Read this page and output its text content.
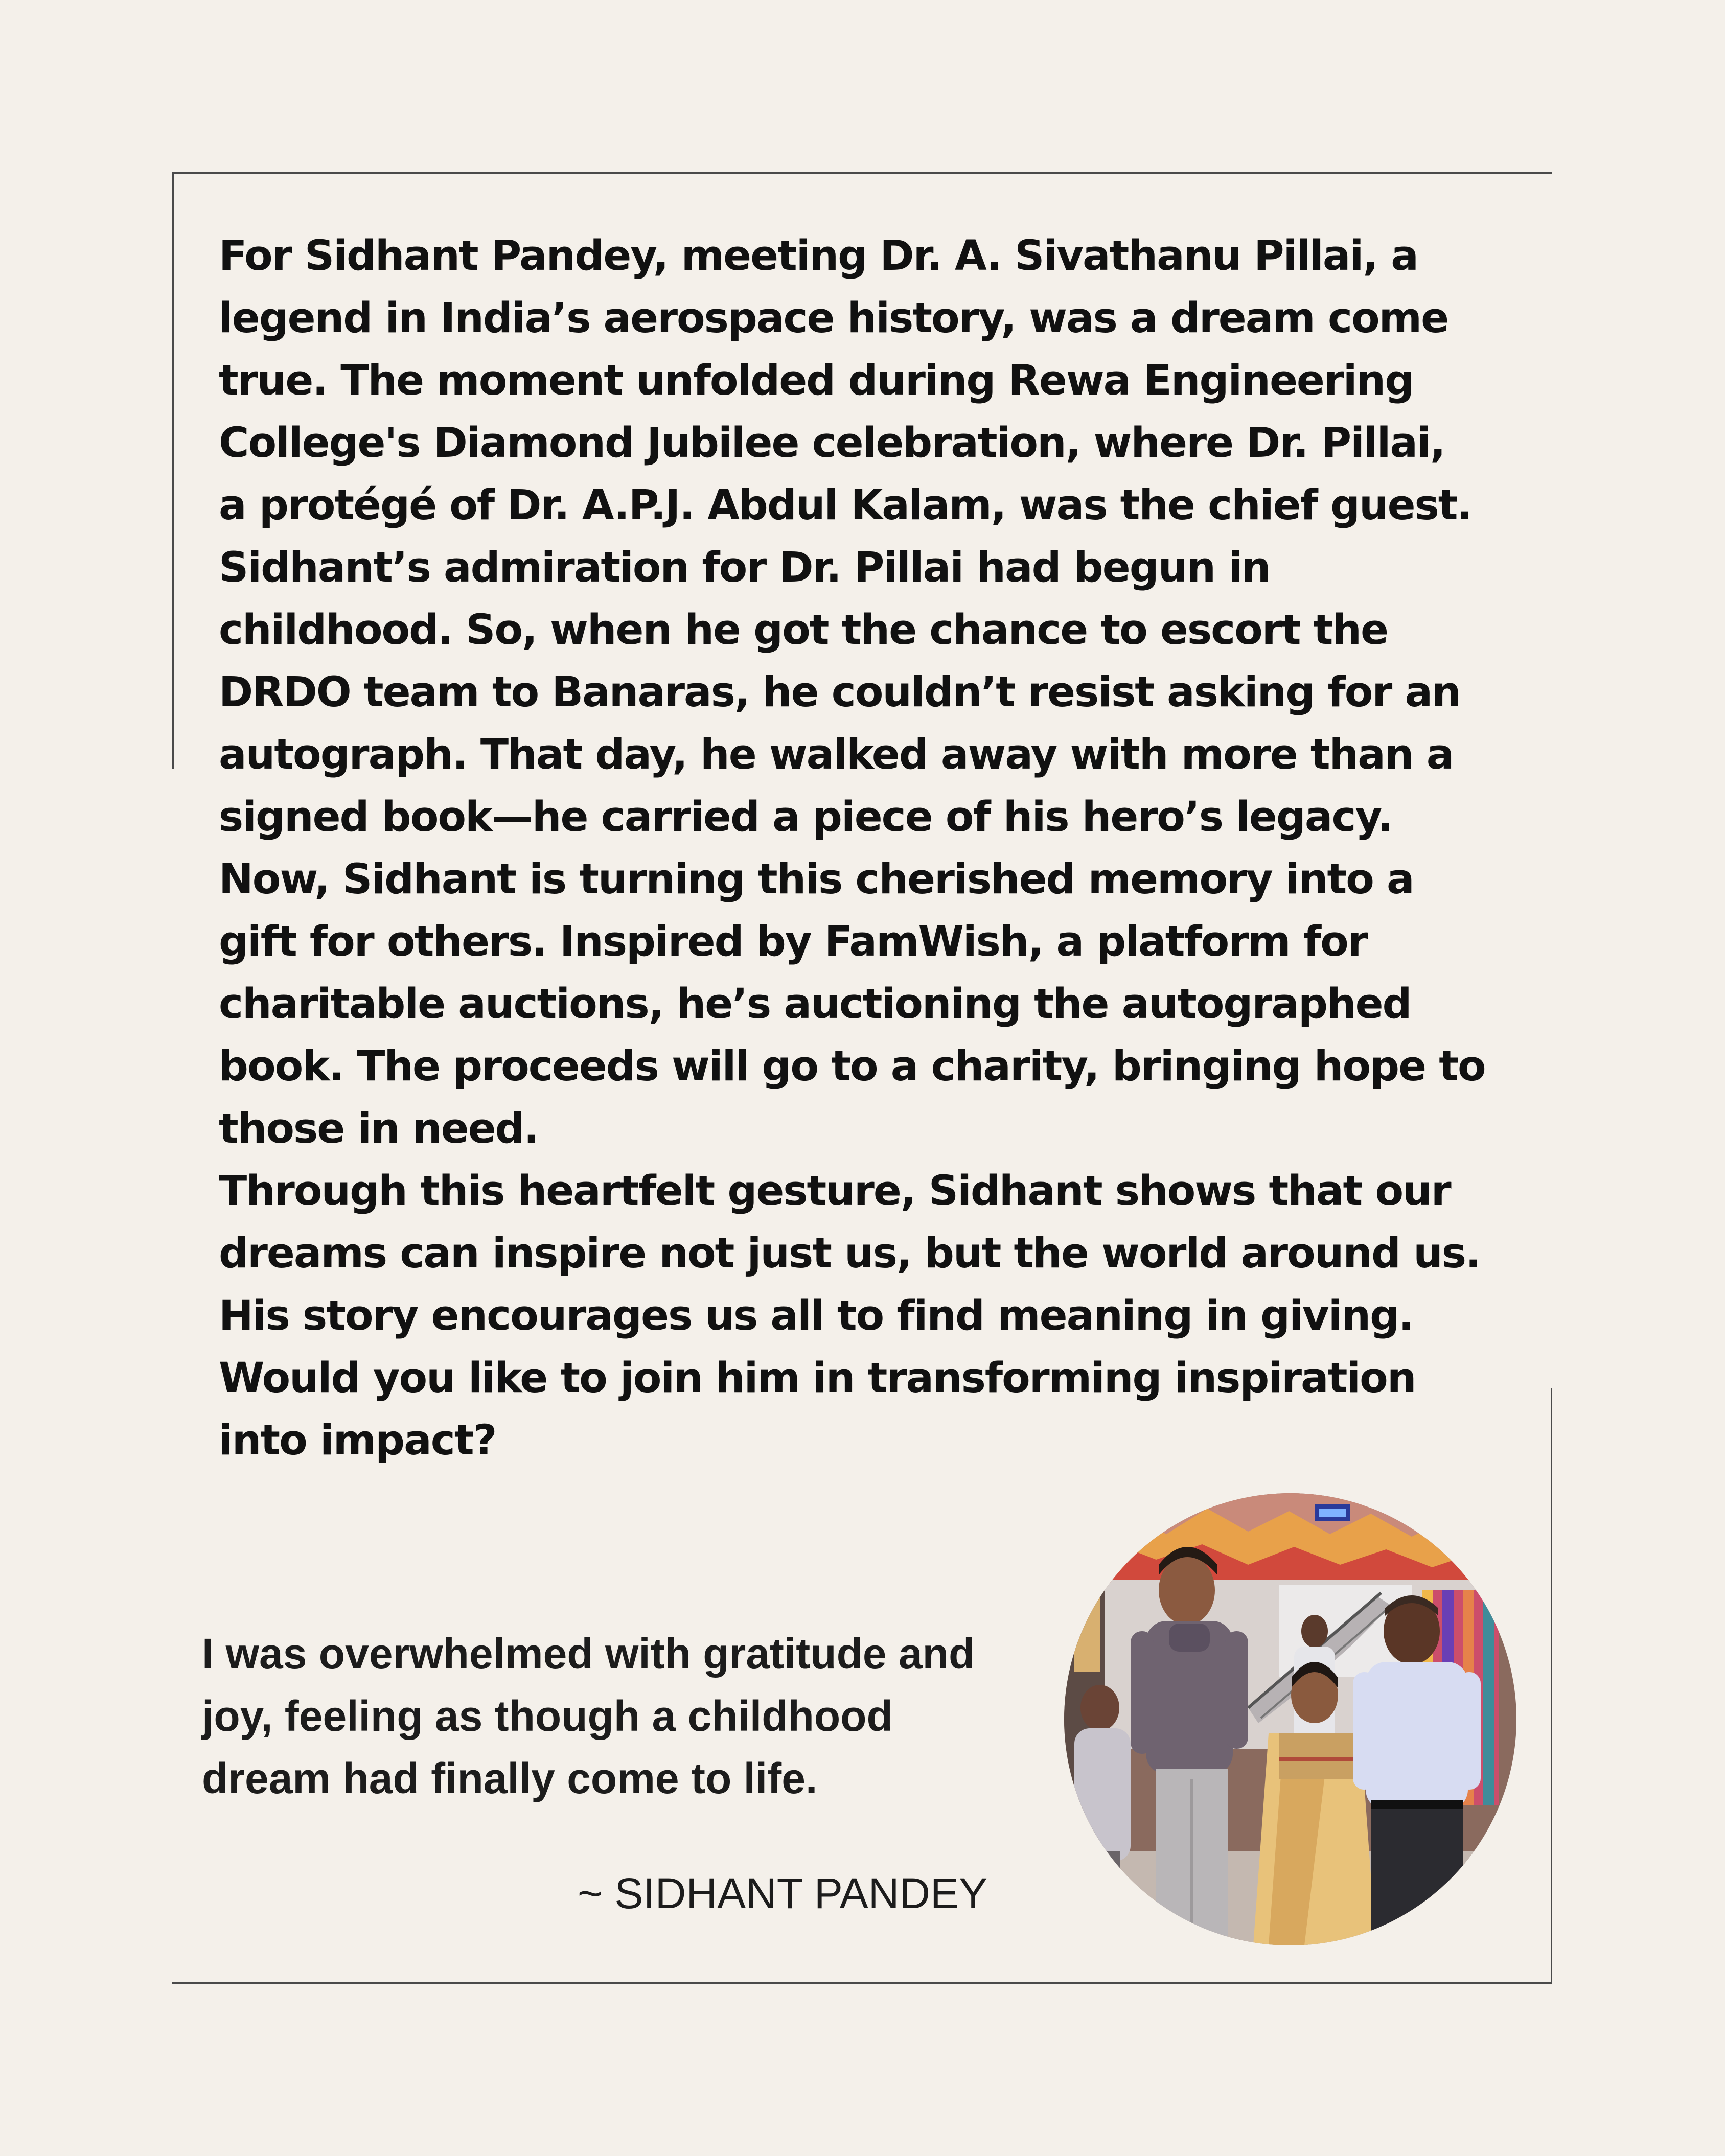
For Sidhant Pandey, meeting Dr. A. Sivathanu Pillai, a

legend in India’s aerospace history, was a dream come

true. The moment unfolded during Rewa Engineering

College's Diamond Jubilee celebration, where Dr. Pillai,

a protégé of Dr. A.P.J. Abdul Kalam, was the chief guest.

Sidhant’s admiration for Dr. Pillai had begun in

childhood. So, when he got the chance to escort the

DRDO team to Banaras, he couldn’t resist asking for an

autograph. That day, he walked away with more than a

signed book—he carried a piece of his hero’s legacy.

Now, Sidhant is turning this cherished memory into a

gift for others. Inspired by FamWish, a platform for

charitable auctions, he’s auctioning the autographed

book. The proceeds will go to a charity, bringing hope to

those in need.

Through this heartfelt gesture, Sidhant shows that our

dreams can inspire not just us, but the world around us.

His story encourages us all to find meaning in giving.

Would you like to join him in transforming inspiration

into impact?

I was overwhelmed with gratitude and

joy, feeling as though a childhood

dream had finally come to life.

~ SIDHANT PANDEY
